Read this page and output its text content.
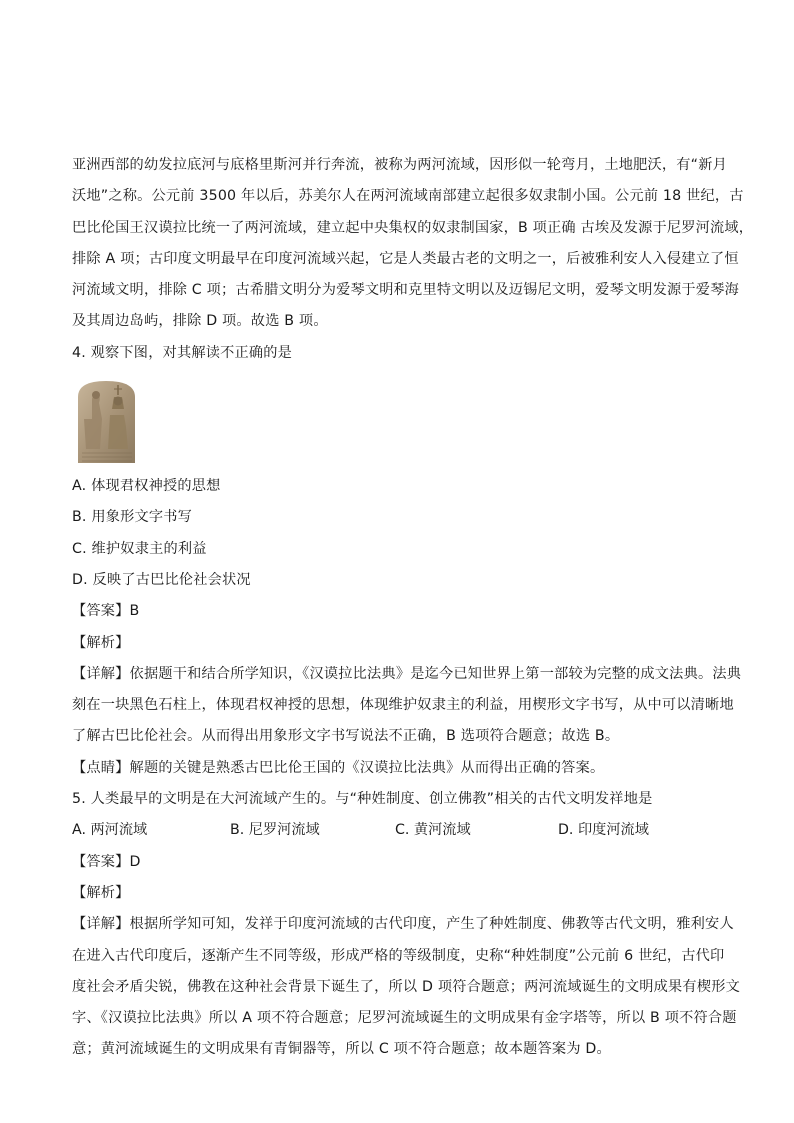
亚洲西部的幼发拉底河与底格里斯河并行奔流，被称为两河流域，因形似一轮弯月，土地肥沃，有“新月
沃地”之称。公元前 3500 年以后，苏美尔人在两河流域南部建立起很多奴隶制小国。公元前 18 世纪，古
巴比伦国王汉谟拉比统一了两河流域，建立起中央集权的奴隶制国家，B 项正确 古埃及发源于尼罗河流域，
排除 A 项；古印度文明最早在印度河流域兴起，它是人类最古老的文明之一，后被雅利安人入侵建立了恒
河流域文明，排除 C 项；古希腊文明分为爱琴文明和克里特文明以及迈锡尼文明，爱琴文明发源于爱琴海
及其周边岛屿，排除 D 项。故选 B 项。
4. 观察下图，对其解读不正确的是
A. 体现君权神授的思想
B. 用象形文字书写
C. 维护奴隶主的利益
D. 反映了古巴比伦社会状况
【答案】B
【解析】
【详解】依据题干和结合所学知识，《汉谟拉比法典》是迄今已知世界上第一部较为完整的成文法典。法典
刻在一块黑色石柱上，体现君权神授的思想，体现维护奴隶主的利益，用楔形文字书写，从中可以清晰地
了解古巴比伦社会。从而得出用象形文字书写说法不正确，B 选项符合题意；故选 B。
【点睛】解题的关键是熟悉古巴比伦王国的《汉谟拉比法典》从而得出正确的答案。
5. 人类最早的文明是在大河流域产生的。与“种姓制度、创立佛教”相关的古代文明发祥地是
A. 两河流域	B. 尼罗河流域	C. 黄河流域	D. 印度河流域
【答案】D
【解析】
【详解】根据所学知可知，发祥于印度河流域的古代印度，产生了种姓制度、佛教等古代文明，雅利安人
在进入古代印度后，逐渐产生不同等级，形成严格的等级制度，史称“种姓制度”公元前 6 世纪，古代印
度社会矛盾尖锐，佛教在这种社会背景下诞生了，所以 D 项符合题意；两河流域诞生的文明成果有楔形文
字、《汉谟拉比法典》所以 A 项不符合题意；尼罗河流域诞生的文明成果有金字塔等，所以 B 项不符合题
意；黄河流域诞生的文明成果有青铜器等，所以 C 项不符合题意；故本题答案为 D。
